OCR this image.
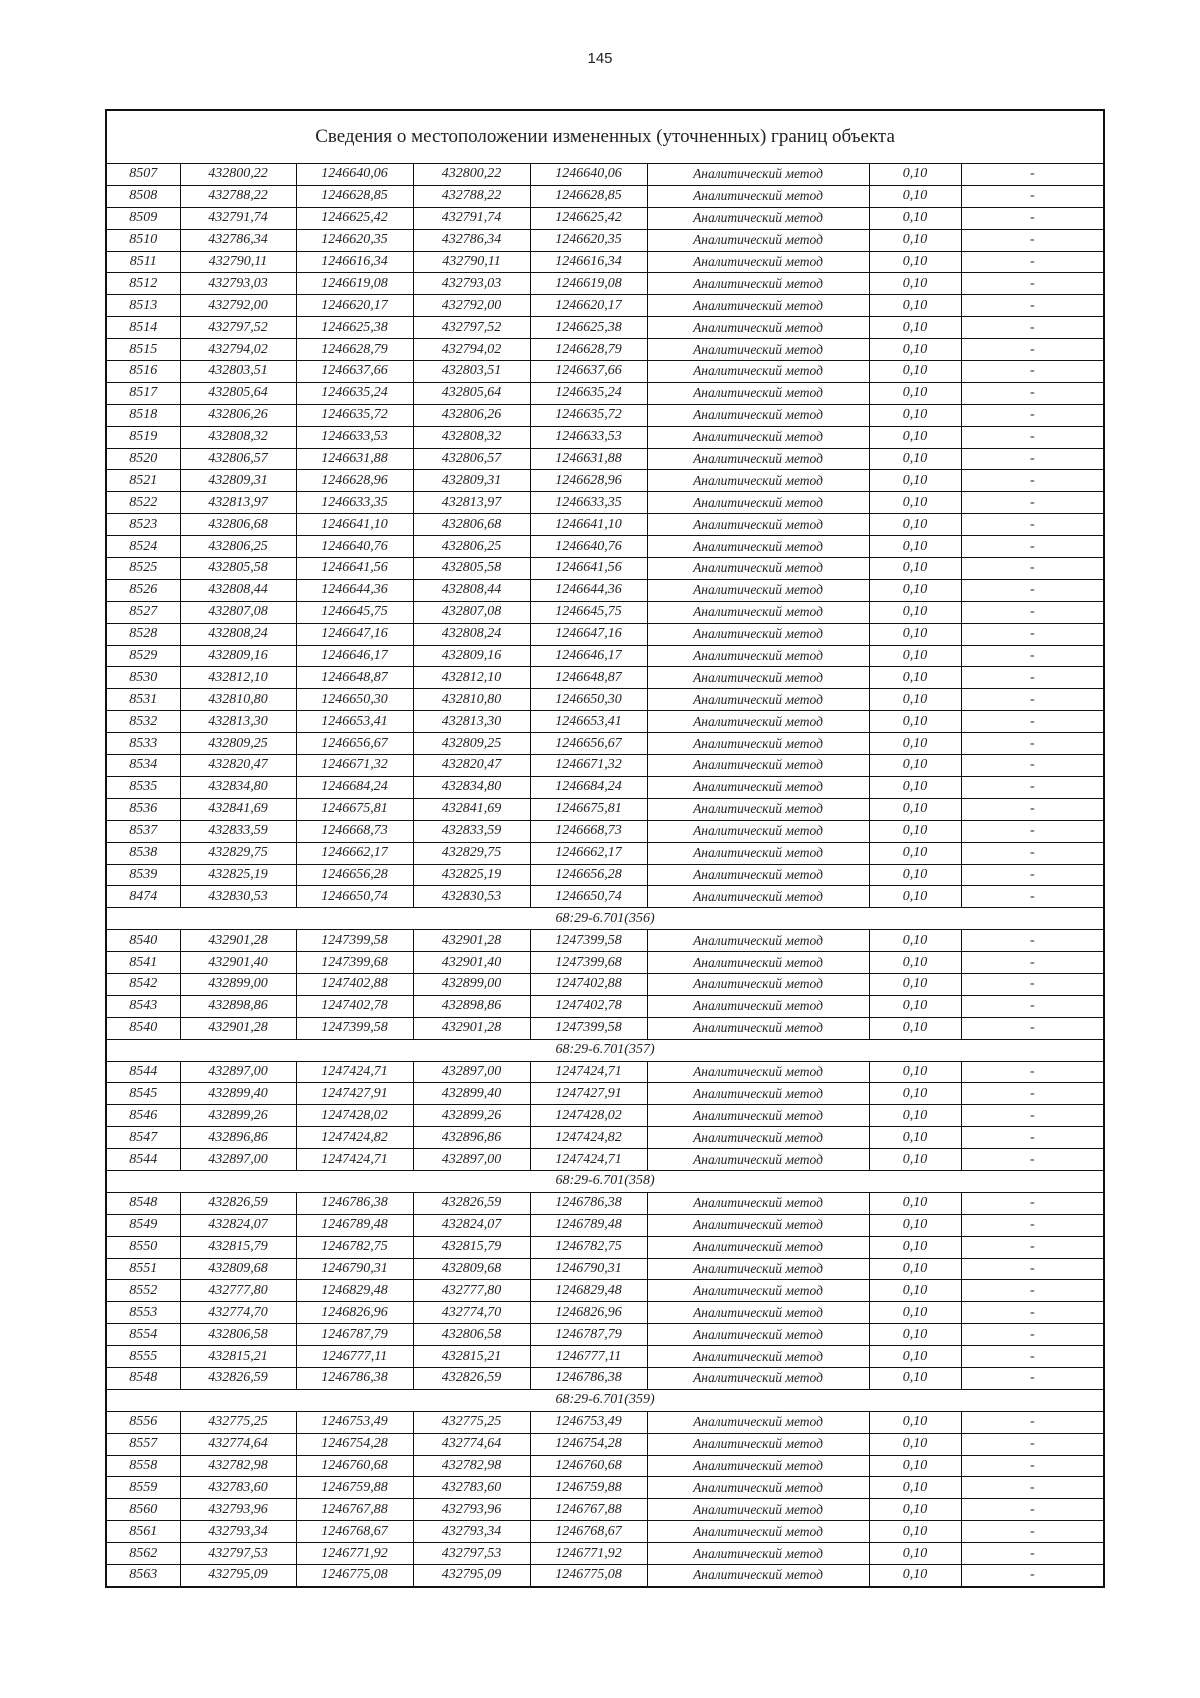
145
Сведения о местоположении измененных (уточненных) границ объекта							
8507	432800,22	1246640,06	432800,22	1246640,06	Аналитический метод	0,10	-
8508	432788,22	1246628,85	432788,22	1246628,85	Аналитический метод	0,10	-
8509	432791,74	1246625,42	432791,74	1246625,42	Аналитический метод	0,10	-
8510	432786,34	1246620,35	432786,34	1246620,35	Аналитический метод	0,10	-
8511	432790,11	1246616,34	432790,11	1246616,34	Аналитический метод	0,10	-
8512	432793,03	1246619,08	432793,03	1246619,08	Аналитический метод	0,10	-
8513	432792,00	1246620,17	432792,00	1246620,17	Аналитический метод	0,10	-
8514	432797,52	1246625,38	432797,52	1246625,38	Аналитический метод	0,10	-
8515	432794,02	1246628,79	432794,02	1246628,79	Аналитический метод	0,10	-
8516	432803,51	1246637,66	432803,51	1246637,66	Аналитический метод	0,10	-
8517	432805,64	1246635,24	432805,64	1246635,24	Аналитический метод	0,10	-
8518	432806,26	1246635,72	432806,26	1246635,72	Аналитический метод	0,10	-
8519	432808,32	1246633,53	432808,32	1246633,53	Аналитический метод	0,10	-
8520	432806,57	1246631,88	432806,57	1246631,88	Аналитический метод	0,10	-
8521	432809,31	1246628,96	432809,31	1246628,96	Аналитический метод	0,10	-
8522	432813,97	1246633,35	432813,97	1246633,35	Аналитический метод	0,10	-
8523	432806,68	1246641,10	432806,68	1246641,10	Аналитический метод	0,10	-
8524	432806,25	1246640,76	432806,25	1246640,76	Аналитический метод	0,10	-
8525	432805,58	1246641,56	432805,58	1246641,56	Аналитический метод	0,10	-
8526	432808,44	1246644,36	432808,44	1246644,36	Аналитический метод	0,10	-
8527	432807,08	1246645,75	432807,08	1246645,75	Аналитический метод	0,10	-
8528	432808,24	1246647,16	432808,24	1246647,16	Аналитический метод	0,10	-
8529	432809,16	1246646,17	432809,16	1246646,17	Аналитический метод	0,10	-
8530	432812,10	1246648,87	432812,10	1246648,87	Аналитический метод	0,10	-
8531	432810,80	1246650,30	432810,80	1246650,30	Аналитический метод	0,10	-
8532	432813,30	1246653,41	432813,30	1246653,41	Аналитический метод	0,10	-
8533	432809,25	1246656,67	432809,25	1246656,67	Аналитический метод	0,10	-
8534	432820,47	1246671,32	432820,47	1246671,32	Аналитический метод	0,10	-
8535	432834,80	1246684,24	432834,80	1246684,24	Аналитический метод	0,10	-
8536	432841,69	1246675,81	432841,69	1246675,81	Аналитический метод	0,10	-
8537	432833,59	1246668,73	432833,59	1246668,73	Аналитический метод	0,10	-
8538	432829,75	1246662,17	432829,75	1246662,17	Аналитический метод	0,10	-
8539	432825,19	1246656,28	432825,19	1246656,28	Аналитический метод	0,10	-
8474	432830,53	1246650,74	432830,53	1246650,74	Аналитический метод	0,10	-
68:29-6.701(356)							
8540	432901,28	1247399,58	432901,28	1247399,58	Аналитический метод	0,10	-
8541	432901,40	1247399,68	432901,40	1247399,68	Аналитический метод	0,10	-
8542	432899,00	1247402,88	432899,00	1247402,88	Аналитический метод	0,10	-
8543	432898,86	1247402,78	432898,86	1247402,78	Аналитический метод	0,10	-
8540	432901,28	1247399,58	432901,28	1247399,58	Аналитический метод	0,10	-
68:29-6.701(357)							
8544	432897,00	1247424,71	432897,00	1247424,71	Аналитический метод	0,10	-
8545	432899,40	1247427,91	432899,40	1247427,91	Аналитический метод	0,10	-
8546	432899,26	1247428,02	432899,26	1247428,02	Аналитический метод	0,10	-
8547	432896,86	1247424,82	432896,86	1247424,82	Аналитический метод	0,10	-
8544	432897,00	1247424,71	432897,00	1247424,71	Аналитический метод	0,10	-
68:29-6.701(358)							
8548	432826,59	1246786,38	432826,59	1246786,38	Аналитический метод	0,10	-
8549	432824,07	1246789,48	432824,07	1246789,48	Аналитический метод	0,10	-
8550	432815,79	1246782,75	432815,79	1246782,75	Аналитический метод	0,10	-
8551	432809,68	1246790,31	432809,68	1246790,31	Аналитический метод	0,10	-
8552	432777,80	1246829,48	432777,80	1246829,48	Аналитический метод	0,10	-
8553	432774,70	1246826,96	432774,70	1246826,96	Аналитический метод	0,10	-
8554	432806,58	1246787,79	432806,58	1246787,79	Аналитический метод	0,10	-
8555	432815,21	1246777,11	432815,21	1246777,11	Аналитический метод	0,10	-
8548	432826,59	1246786,38	432826,59	1246786,38	Аналитический метод	0,10	-
68:29-6.701(359)							
8556	432775,25	1246753,49	432775,25	1246753,49	Аналитический метод	0,10	-
8557	432774,64	1246754,28	432774,64	1246754,28	Аналитический метод	0,10	-
8558	432782,98	1246760,68	432782,98	1246760,68	Аналитический метод	0,10	-
8559	432783,60	1246759,88	432783,60	1246759,88	Аналитический метод	0,10	-
8560	432793,96	1246767,88	432793,96	1246767,88	Аналитический метод	0,10	-
8561	432793,34	1246768,67	432793,34	1246768,67	Аналитический метод	0,10	-
8562	432797,53	1246771,92	432797,53	1246771,92	Аналитический метод	0,10	-
8563	432795,09	1246775,08	432795,09	1246775,08	Аналитический метод	0,10	-
